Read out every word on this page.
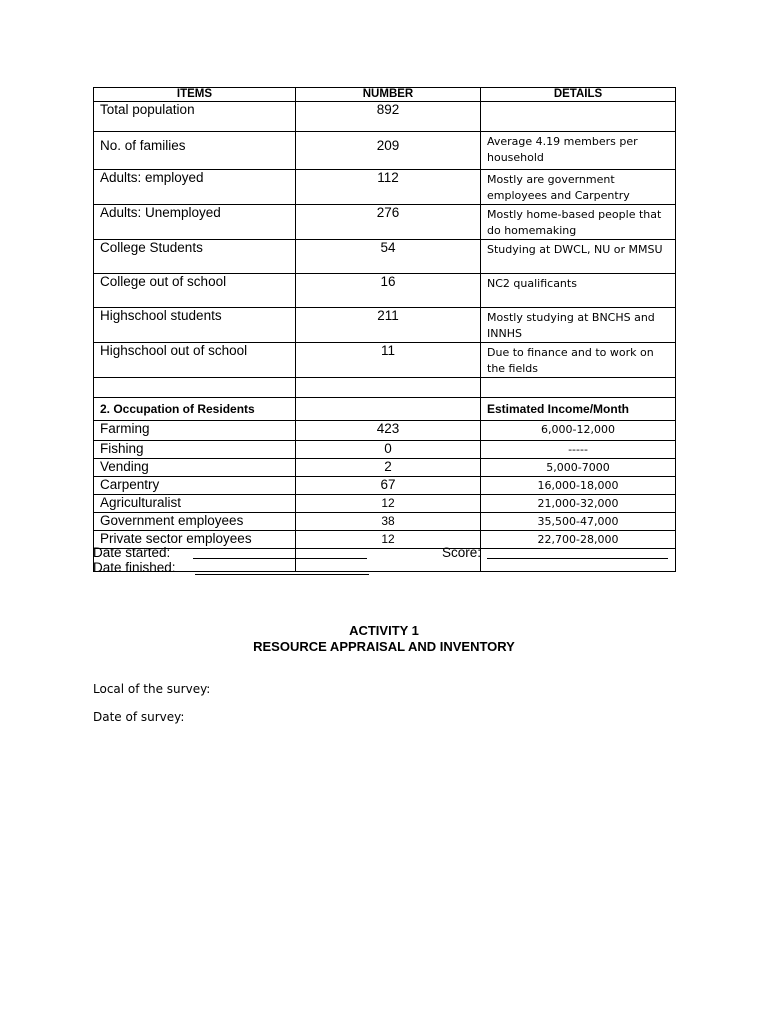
ITEMS	NUMBER	DETAILS
Total population	892	
No. of families	209	Average 4.19 members per household
Adults: employed	112	Mostly are government employees and Carpentry
Adults: Unemployed	276	Mostly home-based people that do homemaking
College Students	54	Studying at DWCL, NU or MMSU
College out of school	16	NC2 qualificants
Highschool students	211	Mostly studying at BNCHS and INNHS
Highschool out of school	11	Due to finance and to work on the fields

2. Occupation of Residents		Estimated Income/Month
Farming	423	6,000-12,000
Fishing	0	-----
Vending	2	5,000-7000
Carpentry	67	16,000-18,000
Agriculturalist	12	21,000-32,000
Government employees	38	35,500-47,000
Private sector employees	12	22,700-28,000

Date started:	Score:
Date finished:
ACTIVITY 1
RESOURCE APPRAISAL AND INVENTORY
Local of the survey:
Date of survey:
